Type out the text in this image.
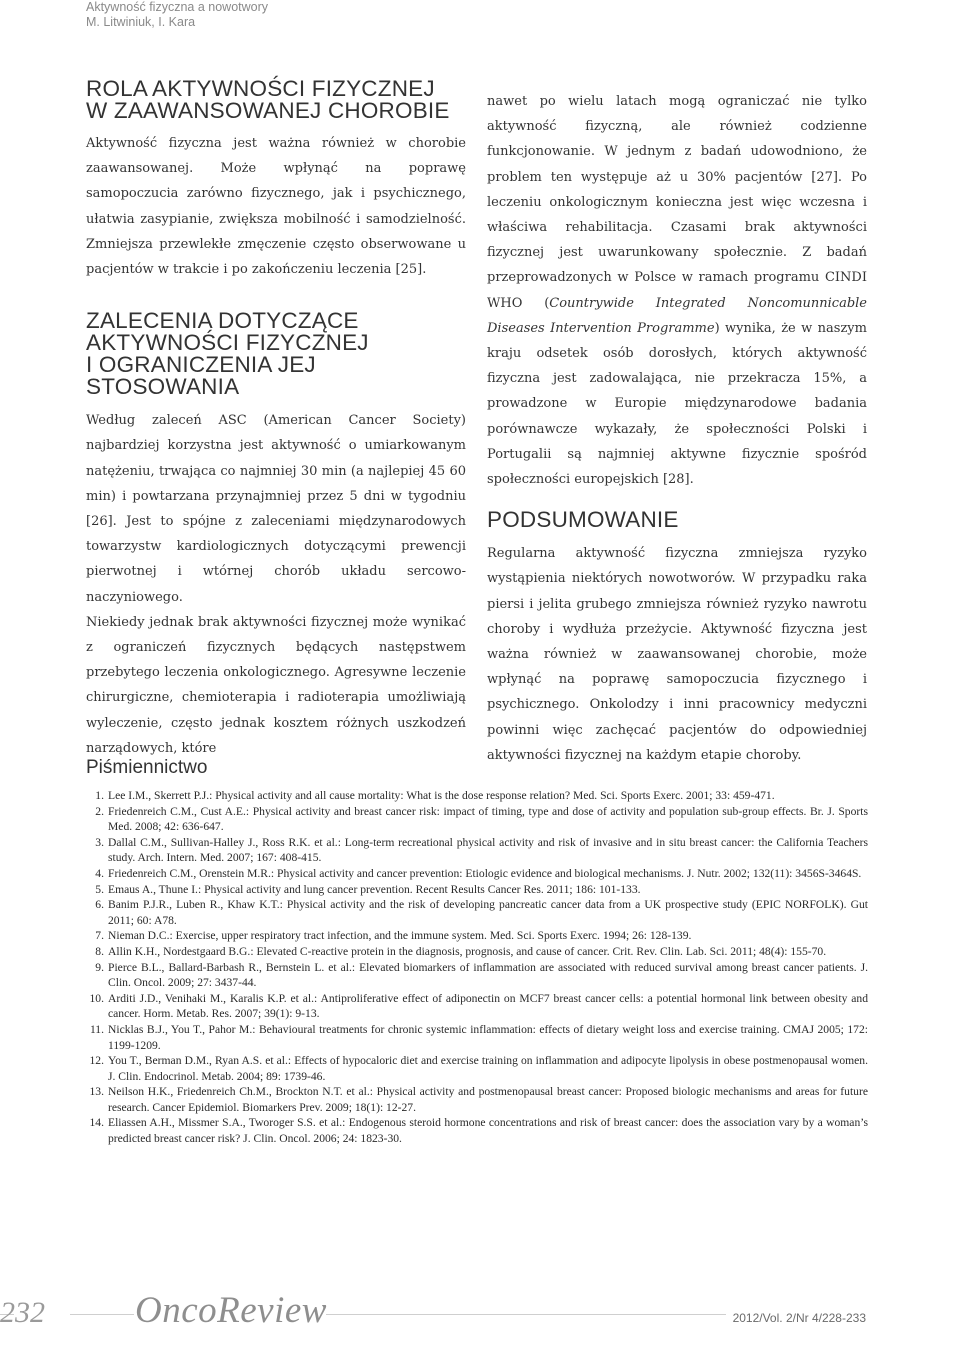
Aktywność fizyczna a nowotwory
M. Litwiniuk, I. Kara
ROLA AKTYWNOŚCI FIZYCZNEJ
W ZAAWANSOWANEJ CHOROBIE

Aktywność fizyczna jest ważna również w chorobie zaawansowanej. Może wpłynąć na poprawę samopoczucia zarówno fizycznego, jak i psychicznego, ułatwia zasypianie, zwiększa mobilność i samodzielność. Zmniejsza przewlekłe zmęczenie często obserwowane u pacjentów w trakcie i po zakończeniu leczenia [25].

ZALECENIA DOTYCZĄCE
AKTYWNOŚCI FIZYCZNEJ
I OGRANICZENIA JEJ STOSOWANIA

Według zaleceń ASC (American Cancer Society) najbardziej korzystna jest aktywność o umiarkowanym natężeniu, trwająca co najmniej 30 min (a najlepiej 45 60 min) i powtarzana przynajmniej przez 5 dni w tygodniu [26]. Jest to spójne z zaleceniami międzynarodowych towarzystw kardiologicznych dotyczącymi prewencji pierwotnej i wtórnej chorób układu sercowo-naczyniowego.

Niekiedy jednak brak aktywności fizycznej może wynikać z ograniczeń fizycznych będących następstwem przebytego leczenia onkologicznego. Agresywne leczenie chirurgiczne, chemioterapia i radioterapia umożliwiają wyleczenie, często jednak kosztem różnych uszkodzeń narządowych, które

nawet po wielu latach mogą ograniczać nie tylko aktywność fizyczną, ale również codzienne funkcjonowanie. W jednym z badań udowodniono, że problem ten występuje aż u 30% pacjentów [27]. Po leczeniu onkologicznym konieczna jest więc wczesna i właściwa rehabilitacja. Czasami brak aktywności fizycznej jest uwarunkowany społecznie. Z badań przeprowadzonych w Polsce w ramach programu CINDI WHO (Countrywide Integrated Noncomunnicable Diseases Intervention Programme) wynika, że w naszym kraju odsetek osób dorosłych, których aktywność fizyczna jest zadowalająca, nie przekracza 15%, a prowadzone w Europie międzynarodowe badania porównawcze wykazały, że społeczności Polski i Portugalii są najmniej aktywne fizycznie spośród społeczności europejskich [28].

PODSUMOWANIE

Regularna aktywność fizyczna zmniejsza ryzyko wystąpienia niektórych nowotworów. W przypadku raka piersi i jelita grubego zmniejsza również ryzyko nawrotu choroby i wydłuża przeżycie. Aktywność fizyczna jest ważna również w zaawansowanej chorobie, może wpłynąć na poprawę samopoczucia fizycznego i psychicznego. Onkolodzy i inni pracownicy medyczni powinni więc zachęcać pacjentów do odpowiedniej aktywności fizycznej na każdym etapie choroby.

Piśmiennictwo
1. Lee I.M., Skerrett P.J.: Physical activity and all cause mortality: What is the dose response relation? Med. Sci. Sports Exerc. 2001; 33: 459-471.
2. Friedenreich C.M., Cust A.E.: Physical activity and breast cancer risk: impact of timing, type and dose of activity and population sub-group effects. Br. J. Sports Med. 2008; 42: 636-647.
3. Dallal C.M., Sullivan-Halley J., Ross R.K. et al.: Long-term recreational physical activity and risk of invasive and in situ breast cancer: the California Teachers study. Arch. Intern. Med. 2007; 167: 408-415.
4. Friedenreich C.M., Orenstein M.R.: Physical activity and cancer prevention: Etiologic evidence and biological mechanisms. J. Nutr. 2002; 132(11): 3456S-3464S.
5. Emaus A., Thune I.: Physical activity and lung cancer prevention. Recent Results Cancer Res. 2011; 186: 101-133.
6. Banim P.J.R., Luben R., Khaw K.T.: Physical activity and the risk of developing pancreatic cancer data from a UK prospective study (EPIC NORFOLK). Gut 2011; 60: A78.
7. Nieman D.C.: Exercise, upper respiratory tract infection, and the immune system. Med. Sci. Sports Exerc. 1994; 26: 128-139.
8. Allin K.H., Nordestgaard B.G.: Elevated C-reactive protein in the diagnosis, prognosis, and cause of cancer. Crit. Rev. Clin. Lab. Sci. 2011; 48(4): 155-70.
9. Pierce B.L., Ballard-Barbash R., Bernstein L. et al.: Elevated biomarkers of inflammation are associated with reduced survival among breast cancer patients. J. Clin. Oncol. 2009; 27: 3437-44.
10. Arditi J.D., Venihaki M., Karalis K.P. et al.: Antiproliferative effect of adiponectin on MCF7 breast cancer cells: a potential hormonal link between obesity and cancer. Horm. Metab. Res. 2007; 39(1): 9-13.
11. Nicklas B.J., You T., Pahor M.: Behavioural treatments for chronic systemic inflammation: effects of dietary weight loss and exercise training. CMAJ 2005; 172: 1199-1209.
12. You T., Berman D.M., Ryan A.S. et al.: Effects of hypocaloric diet and exercise training on inflammation and adipocyte lipolysis in obese postmenopausal women. J. Clin. Endocrinol. Metab. 2004; 89: 1739-46.
13. Neilson H.K., Friedenreich Ch.M., Brockton N.T. et al.: Physical activity and postmenopausal breast cancer: Proposed biologic mechanisms and areas for future research. Cancer Epidemiol. Biomarkers Prev. 2009; 18(1): 12-27.
14. Eliassen A.H., Missmer S.A., Tworoger S.S. et al.: Endogenous steroid hormone concentrations and risk of breast cancer: does the association vary by a woman’s predicted breast cancer risk? J. Clin. Oncol. 2006; 24: 1823-30.
232 OncoReview	2012/Vol. 2/Nr 4/228-233
